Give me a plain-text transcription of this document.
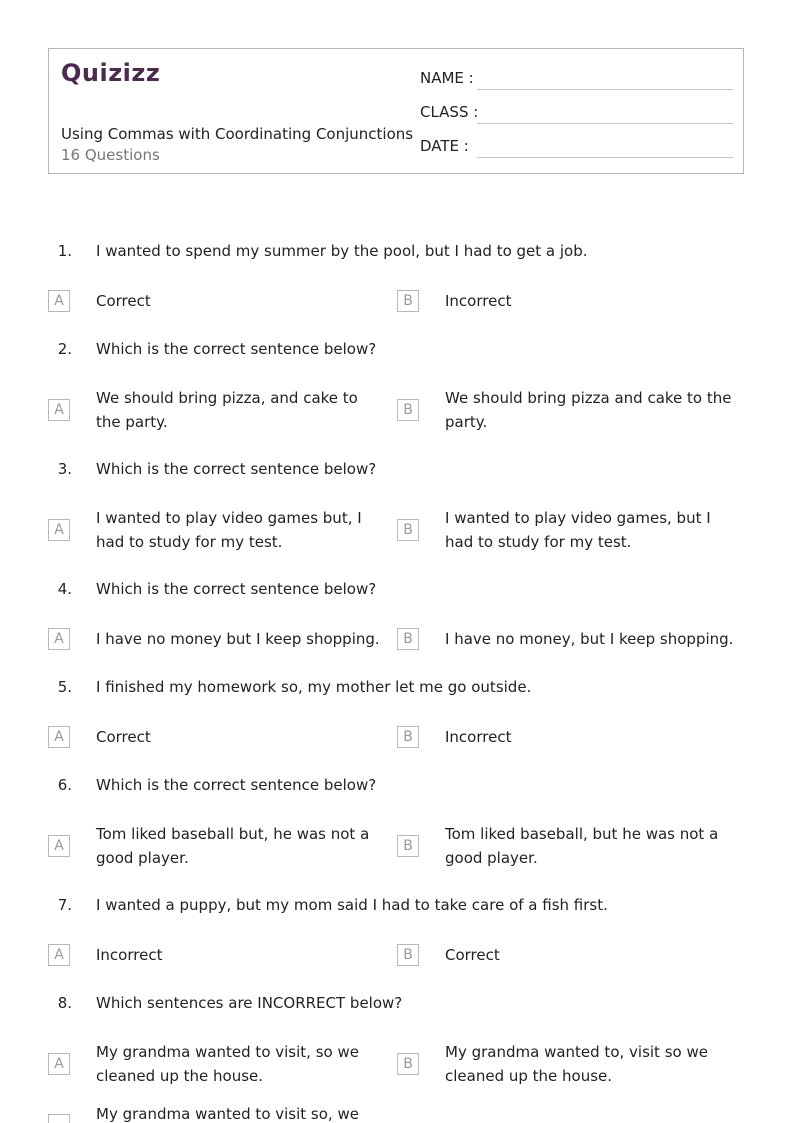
Quizizz
Using Commas with Coordinating Conjunctions
16 Questions
NAME :
CLASS :
DATE :
1. I wanted to spend my summer by the pool, but I had to get a job.
A	Correct	B	Incorrect
2. Which is the correct sentence below?
A
We should bring pizza, and cake to the party.
B
We should bring pizza and cake to the party.
3. Which is the correct sentence below?
A
I wanted to play video games but, I had to study for my test.
B
I wanted to play video games, but I had to study for my test.
4. Which is the correct sentence below?
A	I have no money but I keep shopping.	B	I have no money, but I keep shopping.
5. I finished my homework so, my mother let me go outside.
A	Correct	B	Incorrect
6. Which is the correct sentence below?
A
Tom liked baseball but, he was not a good player.
B
Tom liked baseball, but he was not a good player.
7. I wanted a puppy, but my mom said I had to take care of a fish first.
A	Incorrect	B	Correct
8. Which sentences are INCORRECT below?
A
My grandma wanted to visit, so we cleaned up the house.
B
My grandma wanted to, visit so we cleaned up the house.
My grandma wanted to visit so, we
